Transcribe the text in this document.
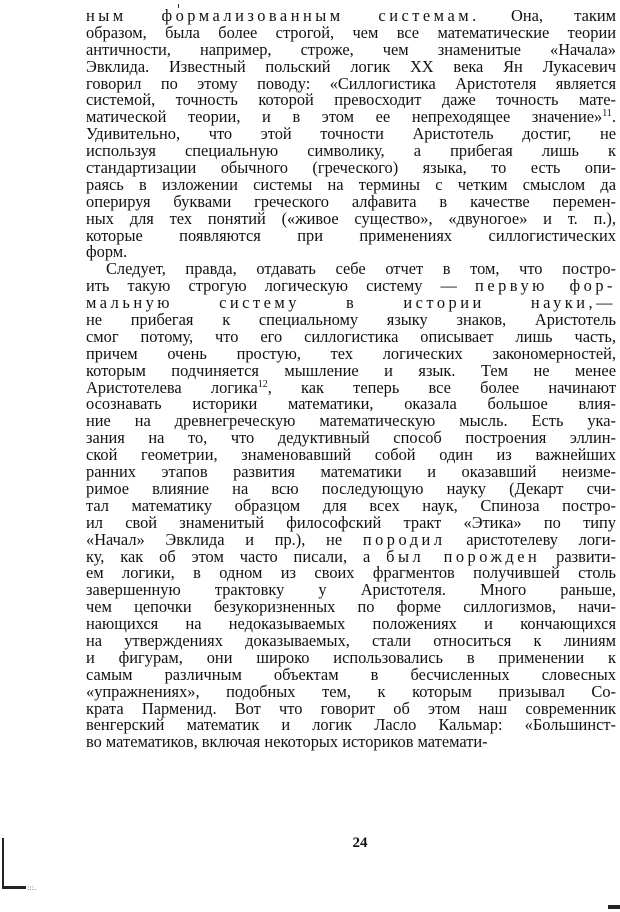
ным формализованным системам. Она, таким
образом, была более строгой, чем все математические теории
античности, например, строже, чем знаменитые «Начала»
Эвклида. Известный польский логик XX века Ян Лукасевич
говорил по этому поводу: «Силлогистика Аристотеля является
системой, точность которой превосходит даже точность мате-
матической теории, и в этом ее непреходящее значение»$^{11}$.
Удивительно, что этой точности Аристотель достиг, не
используя специальную символику, а прибегая лишь к
стандартизации обычного (греческого) языка, то есть опи-
раясь в изложении системы на термины с четким смыслом да
оперируя буквами греческого алфавита в качестве перемен-
ных для тех понятий («живое существо», «двуногое» и т. п.),
которые появляются при применениях силлогистических
форм.
Следует, правда, отдавать себе отчет в том, что постро-
ить такую строгую логическую систему — первую фор-
мальную систему в истории науки,—
не прибегая к специальному языку знаков, Аристотель
смог потому, что его силлогистика описывает лишь часть,
причем очень простую, тех логических закономерностей,
которым подчиняется мышление и язык. Тем не менее
Аристотелева логика$^{12}$, как теперь все более начинают
осознавать историки математики, оказала большое влия-
ние на древнегреческую математическую мысль. Есть ука-
зания на то, что дедуктивный способ построения эллин-
ской геометрии, знаменовавший собой один из важнейших
ранних этапов развития математики и оказавший неизме-
римое влияние на всю последующую науку (Декарт счи-
тал математику образцом для всех наук, Спиноза постро-
ил свой знаменитый философский тракт «Этика» по типу
«Начал» Эвклида и пр.), не породил аристотелеву логи-
ку, как об этом часто писали, а был порожден развити-
ем логики, в одном из своих фрагментов получившей столь
завершенную трактовку у Аристотеля. Много раньше,
чем цепочки безукоризненных по форме силлогизмов, начи-
нающихся на недоказываемых положениях и кончающихся
на утверждениях доказываемых, стали относиться к линиям
и фигурам, они широко использовались в применении к
самым различным объектам в бесчисленных словесных
«упражнениях», подобных тем, к которым призывал Со-
крата Парменид. Вот что говорит об этом наш современник
венгерский математик и логик Ласло Кальмар: «Большинст-
во математиков, включая некоторых историков математи-
24
:::.
